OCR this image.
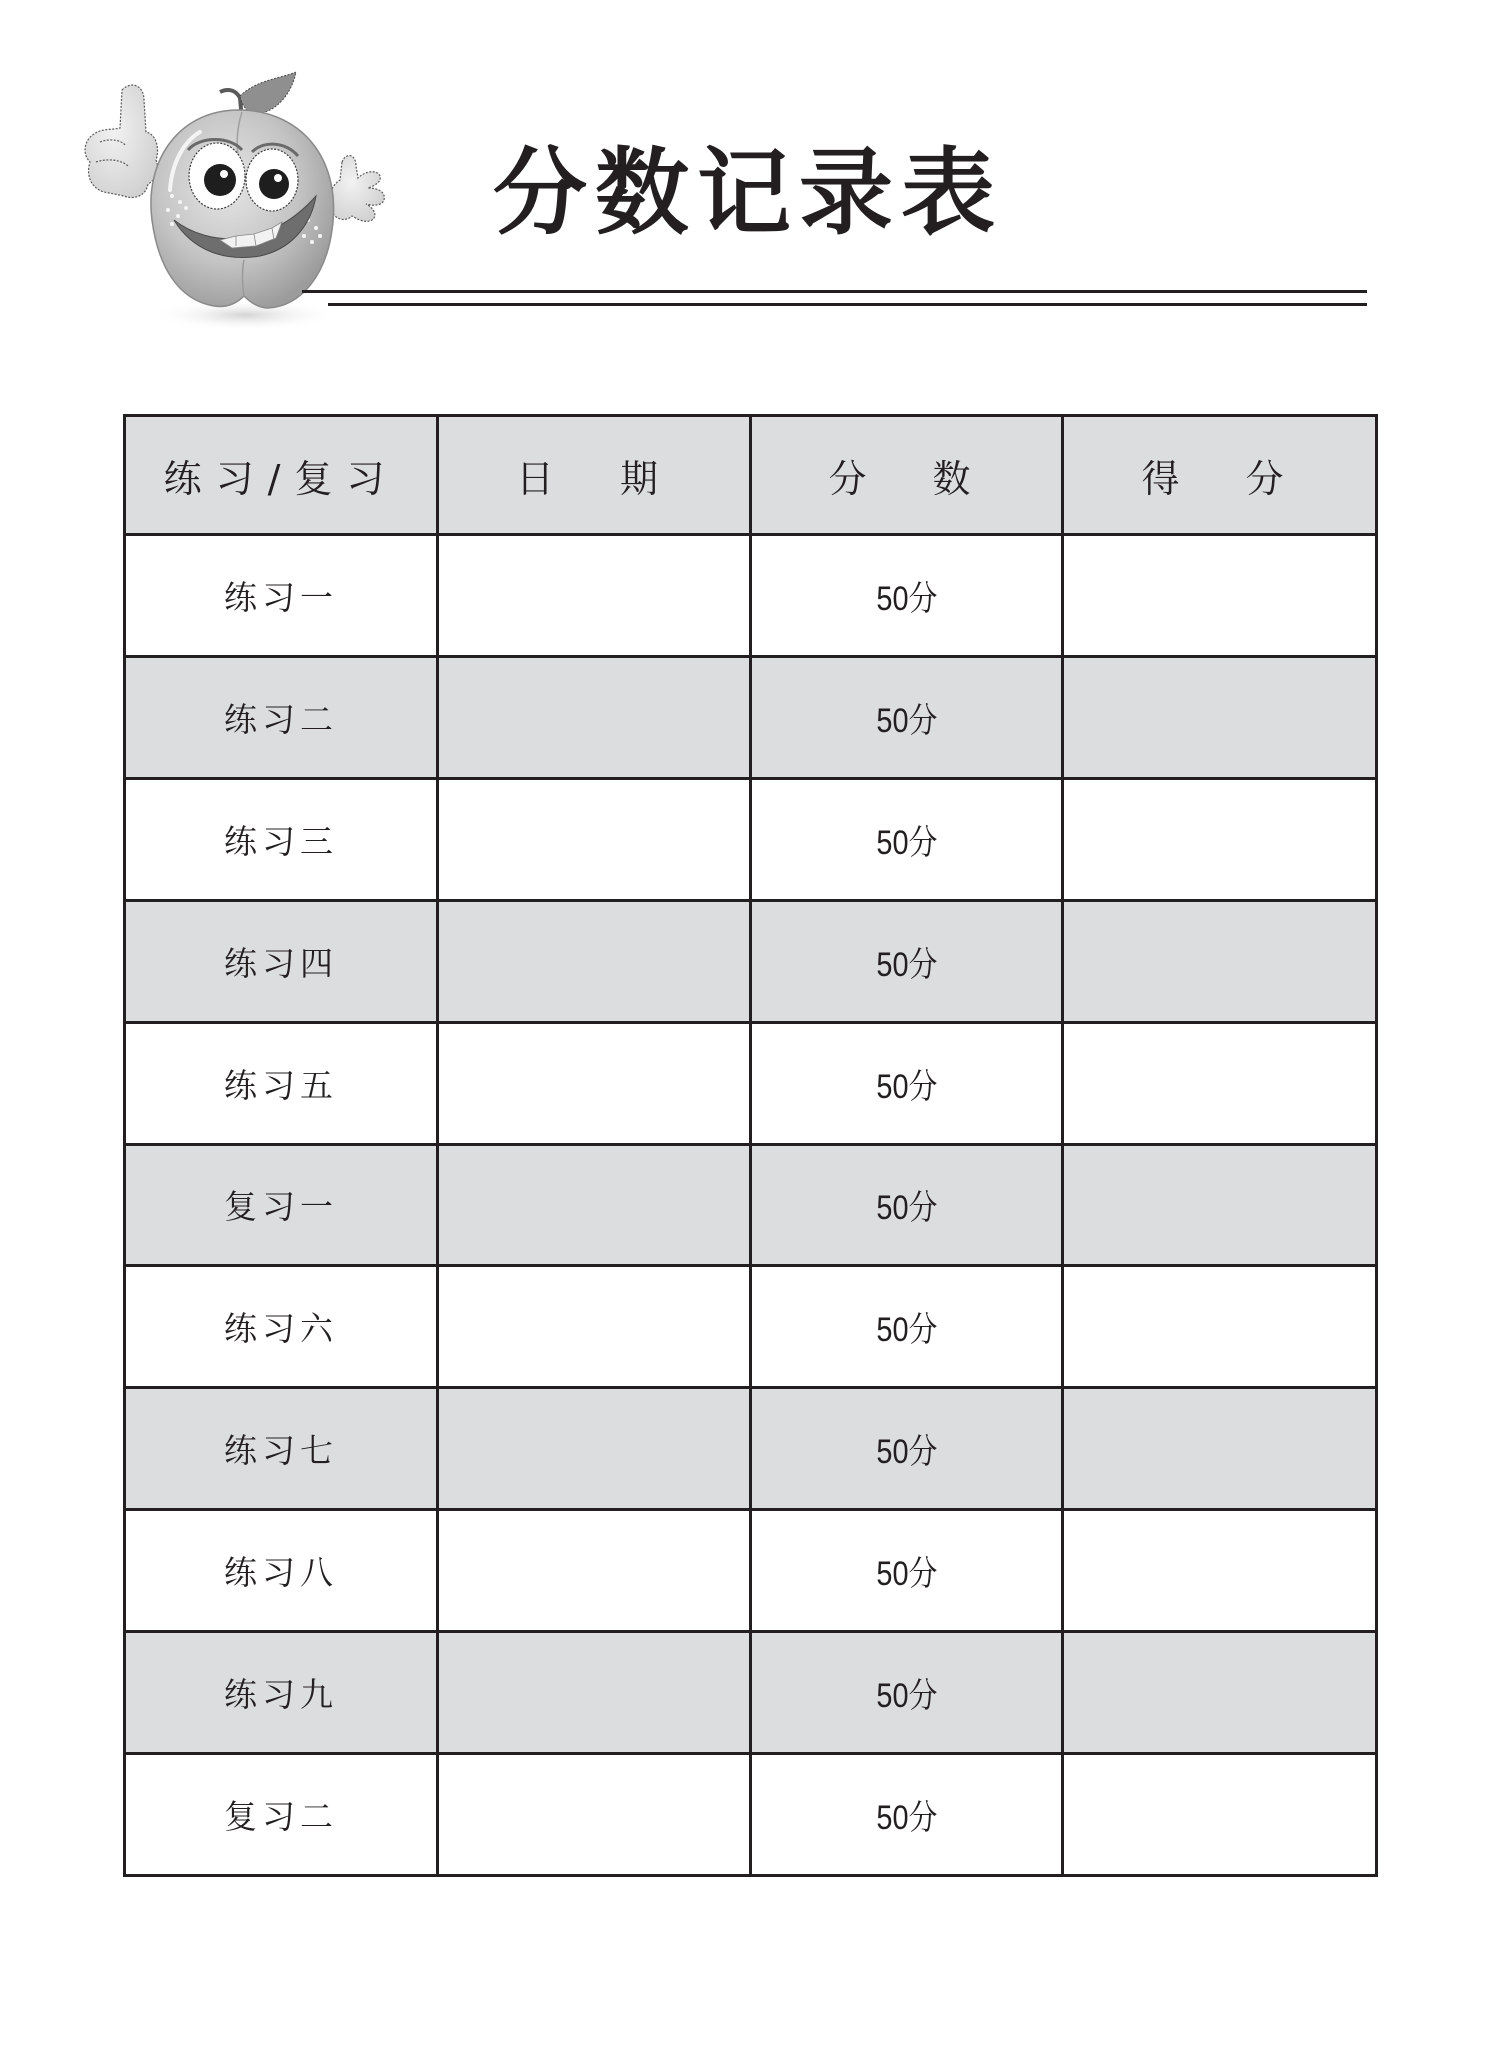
分数记录表
练习/复习	日　期	分　数	得　分
练习一		50分	
练习二		50分	
练习三		50分	
练习四		50分	
练习五		50分	
复习一		50分	
练习六		50分	
练习七		50分	
练习八		50分	
练习九		50分	
复习二		50分	
